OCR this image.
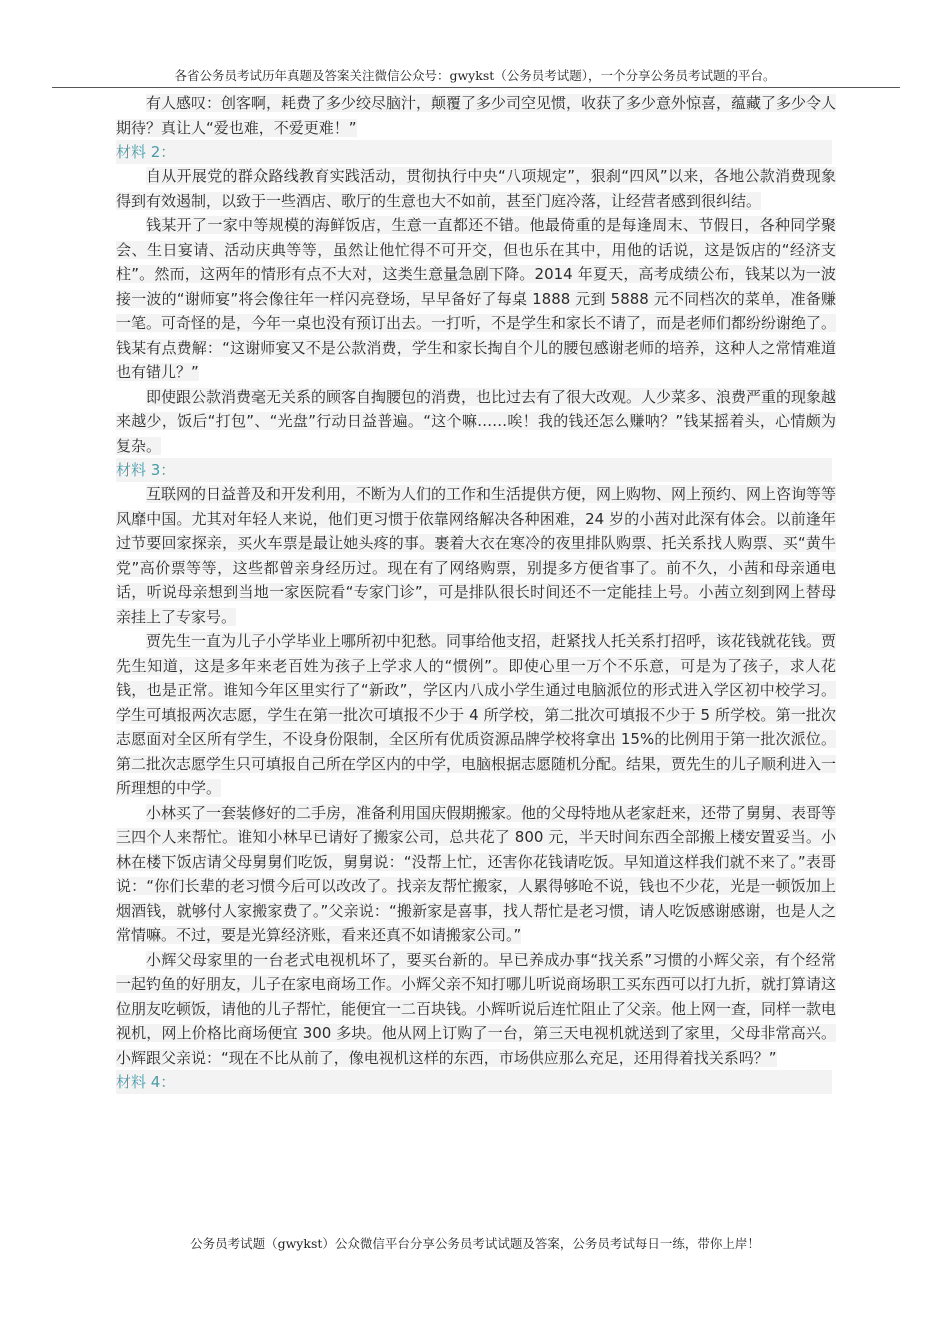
各省公务员考试历年真题及答案关注微信公众号：gwykst（公务员考试题），一个分享公务员考试题的平台。

有人感叹：创客啊，耗费了多少绞尽脑汁，颠覆了多少司空见惯，收获了多少意外惊喜，蕴藏了多少令人期待？真让人“爱也难，不爱更难！”

材料 2：

自从开展党的群众路线教育实践活动，贯彻执行中央“八项规定”，狠刹“四风”以来，各地公款消费现象得到有效遏制，以致于一些酒店、歌厅的生意也大不如前，甚至门庭冷落，让经营者感到很纠结。

钱某开了一家中等规模的海鲜饭店，生意一直都还不错。他最倚重的是每逢周末、节假日，各种同学聚会、生日宴请、活动庆典等等，虽然让他忙得不可开交，但也乐在其中，用他的话说，这是饭店的“经济支柱”。然而，这两年的情形有点不大对，这类生意量急剧下降。2014 年夏天，高考成绩公布，钱某以为一波接一波的“谢师宴”将会像往年一样闪亮登场，早早备好了每桌 1888 元到 5888 元不同档次的菜单，准备赚一笔。可奇怪的是，今年一桌也没有预订出去。一打听，不是学生和家长不请了，而是老师们都纷纷谢绝了。钱某有点费解：“这谢师宴又不是公款消费，学生和家长掏自个儿的腰包感谢老师的培养，这种人之常情难道也有错儿？”

即使跟公款消费毫无关系的顾客自掏腰包的消费，也比过去有了很大改观。人少菜多、浪费严重的现象越来越少，饭后“打包”、“光盘”行动日益普遍。“这个嘛……唉！我的钱还怎么赚呐？”钱某摇着头，心情颇为复杂。

材料 3：

互联网的日益普及和开发利用，不断为人们的工作和生活提供方便，网上购物、网上预约、网上咨询等等风靡中国。尤其对年轻人来说，他们更习惯于依靠网络解决各种困难，24 岁的小茜对此深有体会。以前逢年过节要回家探亲，买火车票是最让她头疼的事。裹着大衣在寒冷的夜里排队购票、托关系找人购票、买“黄牛党”高价票等等，这些都曾亲身经历过。现在有了网络购票，别提多方便省事了。前不久，小茜和母亲通电话，听说母亲想到当地一家医院看“专家门诊”，可是排队很长时间还不一定能挂上号。小茜立刻到网上替母亲挂上了专家号。

贾先生一直为儿子小学毕业上哪所初中犯愁。同事给他支招，赶紧找人托关系打招呼，该花钱就花钱。贾先生知道，这是多年来老百姓为孩子上学求人的“惯例”。即使心里一万个不乐意，可是为了孩子，求人花钱，也是正常。谁知今年区里实行了“新政”，学区内八成小学生通过电脑派位的形式进入学区初中校学习。学生可填报两次志愿，学生在第一批次可填报不少于 4 所学校，第二批次可填报不少于 5 所学校。第一批次志愿面对全区所有学生，不设身份限制，全区所有优质资源品牌学校将拿出 15%的比例用于第一批次派位。第二批次志愿学生只可填报自己所在学区内的中学，电脑根据志愿随机分配。结果，贾先生的儿子顺利进入一所理想的中学。

小林买了一套装修好的二手房，准备利用国庆假期搬家。他的父母特地从老家赶来，还带了舅舅、表哥等三四个人来帮忙。谁知小林早已请好了搬家公司，总共花了 800 元，半天时间东西全部搬上楼安置妥当。小林在楼下饭店请父母舅舅们吃饭，舅舅说：“没帮上忙，还害你花钱请吃饭。早知道这样我们就不来了。”表哥说：“你们长辈的老习惯今后可以改改了。找亲友帮忙搬家，人累得够呛不说，钱也不少花，光是一顿饭加上烟酒钱，就够付人家搬家费了。”父亲说：“搬新家是喜事，找人帮忙是老习惯，请人吃饭感谢感谢，也是人之常情嘛。不过，要是光算经济账，看来还真不如请搬家公司。”

小辉父母家里的一台老式电视机坏了，要买台新的。早已养成办事“找关系”习惯的小辉父亲，有个经常一起钓鱼的好朋友，儿子在家电商场工作。小辉父亲不知打哪儿听说商场职工买东西可以打九折，就打算请这位朋友吃顿饭，请他的儿子帮忙，能便宜一二百块钱。小辉听说后连忙阻止了父亲。他上网一查，同样一款电视机，网上价格比商场便宜 300 多块。他从网上订购了一台，第三天电视机就送到了家里，父母非常高兴。小辉跟父亲说：“现在不比从前了，像电视机这样的东西，市场供应那么充足，还用得着找关系吗？”

材料 4：

公务员考试题（gwykst）公众微信平台分享公务员考试试题及答案，公务员考试每日一练，带你上岸！
